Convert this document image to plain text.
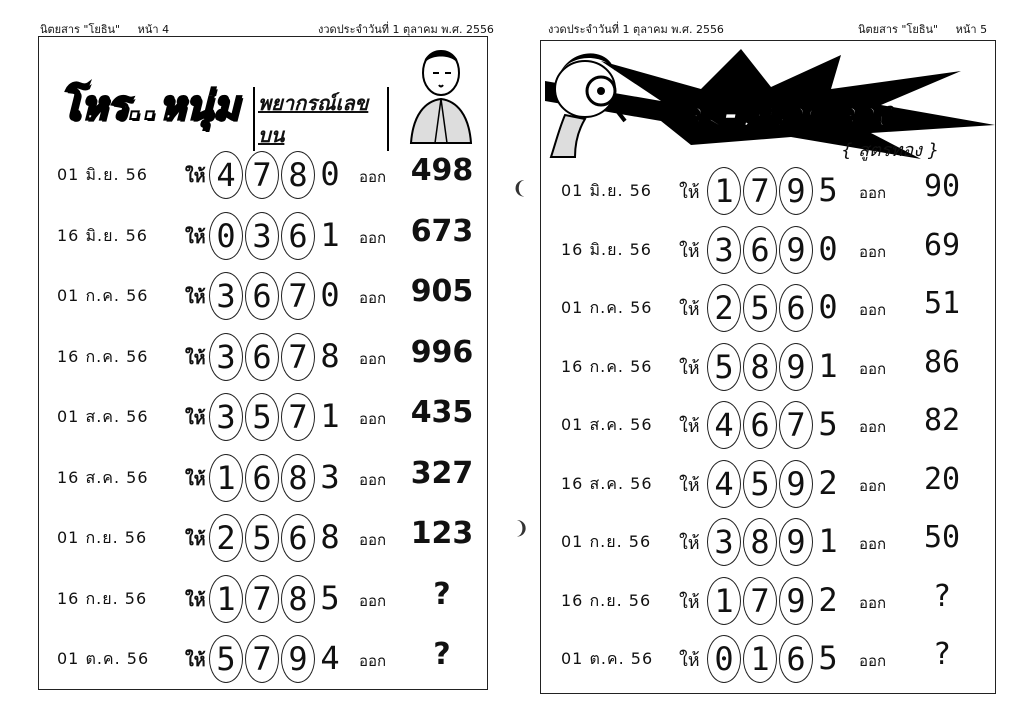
นิตยสาร "โยธิน" หน้า 4	งวดประจำวันที่ 1 ตุลาคม พ.ศ. 2556	งวดประจำวันที่ 1 ตุลาคม พ.ศ. 2556	นิตยสาร "โยธิน" หน้า 5
❨
❩
โหร..หนุ่ม พยากรณ์เลขบน
01 มิ.ย. 56 ให้ 4 7 8 0 ออก 498
16 มิ.ย. 56 ให้ 0 3 6 1 ออก 673
01 ก.ค. 56 ให้ 3 6 7 0 ออก 905
16 ก.ค. 56 ให้ 3 6 7 8 ออก 996
01 ส.ค. 56 ให้ 3 5 7 1 ออก 435
16 ส.ค. 56 ให้ 1 6 8 3 ออก 327
01 ก.ย. 56 ให้ 2 5 6 8 ออก 123
16 ก.ย. 56 ให้ 1 7 8 5 ออก	?
01 ต.ค. 56 ให้ 5 7 9 4 ออก	?
สิม-หน่วย ล่าง
{ สูตรทอง }
01 มิ.ย. 56 ให้ 1 7 9 5 ออก	90
16 มิ.ย. 56 ให้ 3 6 9 0 ออก	69
01 ก.ค. 56 ให้ 2 5 6 0 ออก	51
16 ก.ค. 56 ให้ 5 8 9 1 ออก	86
01 ส.ค. 56 ให้ 4 6 7 5 ออก	82
16 ส.ค. 56 ให้ 4 5 9 2 ออก	20
01 ก.ย. 56 ให้ 3 8 9 1 ออก	50
16 ก.ย. 56 ให้ 1 7 9 2 ออก	?
01 ต.ค. 56 ให้ 0 1 6 5 ออก	?
